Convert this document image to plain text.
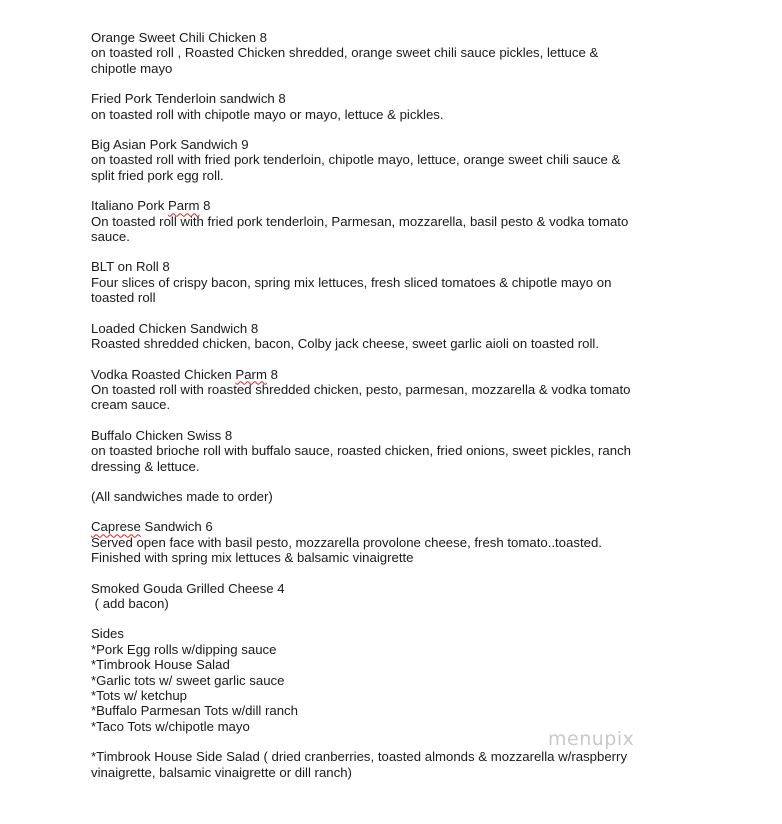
Orange Sweet Chili Chicken 8
on toasted roll , Roasted Chicken shredded, orange sweet chili sauce pickles, lettuce &
chipotle mayo
Fried Pork Tenderloin sandwich 8
on toasted roll with chipotle mayo or mayo, lettuce & pickles.
Big Asian Pork Sandwich 9
on toasted roll with fried pork tenderloin, chipotle mayo, lettuce, orange sweet chili sauce &
split fried pork egg roll.
Italiano Pork Parm 8
On toasted roll with fried pork tenderloin, Parmesan, mozzarella, basil pesto & vodka tomato
sauce.
BLT on Roll 8
Four slices of crispy bacon, spring mix lettuces, fresh sliced tomatoes & chipotle mayo on
toasted roll
Loaded Chicken Sandwich 8
Roasted shredded chicken, bacon, Colby jack cheese, sweet garlic aioli on toasted roll.
Vodka Roasted Chicken Parm 8
On toasted roll with roasted shredded chicken, pesto, parmesan, mozzarella & vodka tomato
cream sauce.
Buffalo Chicken Swiss 8
on toasted brioche roll with buffalo sauce, roasted chicken, fried onions, sweet pickles, ranch
dressing & lettuce.
(All sandwiches made to order)
Caprese Sandwich 6
Served open face with basil pesto, mozzarella provolone cheese, fresh tomato..toasted.
Finished with spring mix lettuces & balsamic vinaigrette
Smoked Gouda Grilled Cheese 4
( add bacon)
Sides
*Pork Egg rolls w/dipping sauce
*Timbrook House Salad
*Garlic tots w/ sweet garlic sauce
*Tots w/ ketchup
*Buffalo Parmesan Tots w/dill ranch
*Taco Tots w/chipotle mayo
*Timbrook House Side Salad ( dried cranberries, toasted almonds & mozzarella w/raspberry
vinaigrette, balsamic vinaigrette or dill ranch)
menupix
